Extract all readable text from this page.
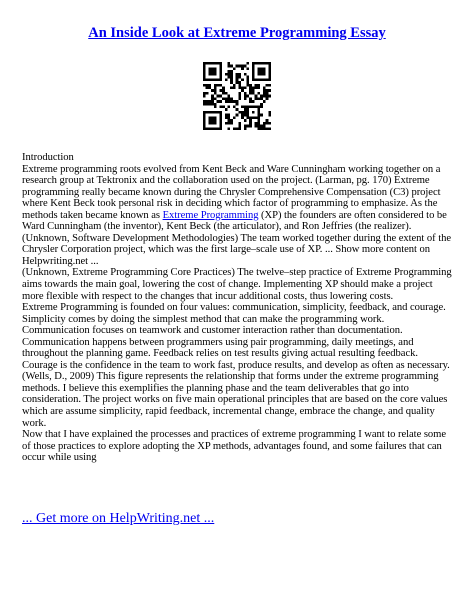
An Inside Look at Extreme Programming Essay

Introduction

Extreme programming roots evolved from Kent Beck and Ware Cunningham working together on a research group at Tektronix and the collaboration used on the project. (Larman, pg. 170) Extreme programming really became known during the Chrysler Comprehensive Compensation (C3) project where Kent Beck took personal risk in deciding which factor of programming to emphasize. As the methods taken became known as Extreme Programming (XP) the founders are often considered to be Ward Cunningham (the inventor), Kent Beck (the articulator), and Ron Jeffries (the realizer). (Unknown, Software Development Methodologies) The team worked together during the extent of the Chrysler Corporation project, which was the first large–scale use of XP. ... Show more content on Helpwriting.net ...

(Unknown, Extreme Programming Core Practices) The twelve–step practice of Extreme Programming aims towards the main goal, lowering the cost of change. Implementing XP should make a project more flexible with respect to the changes that incur additional costs, thus lowering costs.

Extreme Programming is founded on four values: communication, simplicity, feedback, and courage. Simplicity comes by doing the simplest method that can make the programming work. Communication focuses on teamwork and customer interaction rather than documentation. Communication happens between programmers using pair programming, daily meetings, and throughout the planning game. Feedback relies on test results giving actual resulting feedback. Courage is the confidence in the team to work fast, produce results, and develop as often as necessary. (Wells, D., 2009) This figure represents the relationship that forms under the extreme programming methods. I believe this exemplifies the planning phase and the team deliverables that go into consideration. The project works on five main operational principles that are based on the core values which are assume simplicity, rapid feedback, incremental change, embrace the change, and quality work.

Now that I have explained the processes and practices of extreme programming I want to relate some of those practices to explore adopting the XP methods, advantages found, and some failures that can occur while using

... Get more on HelpWriting.net ...
